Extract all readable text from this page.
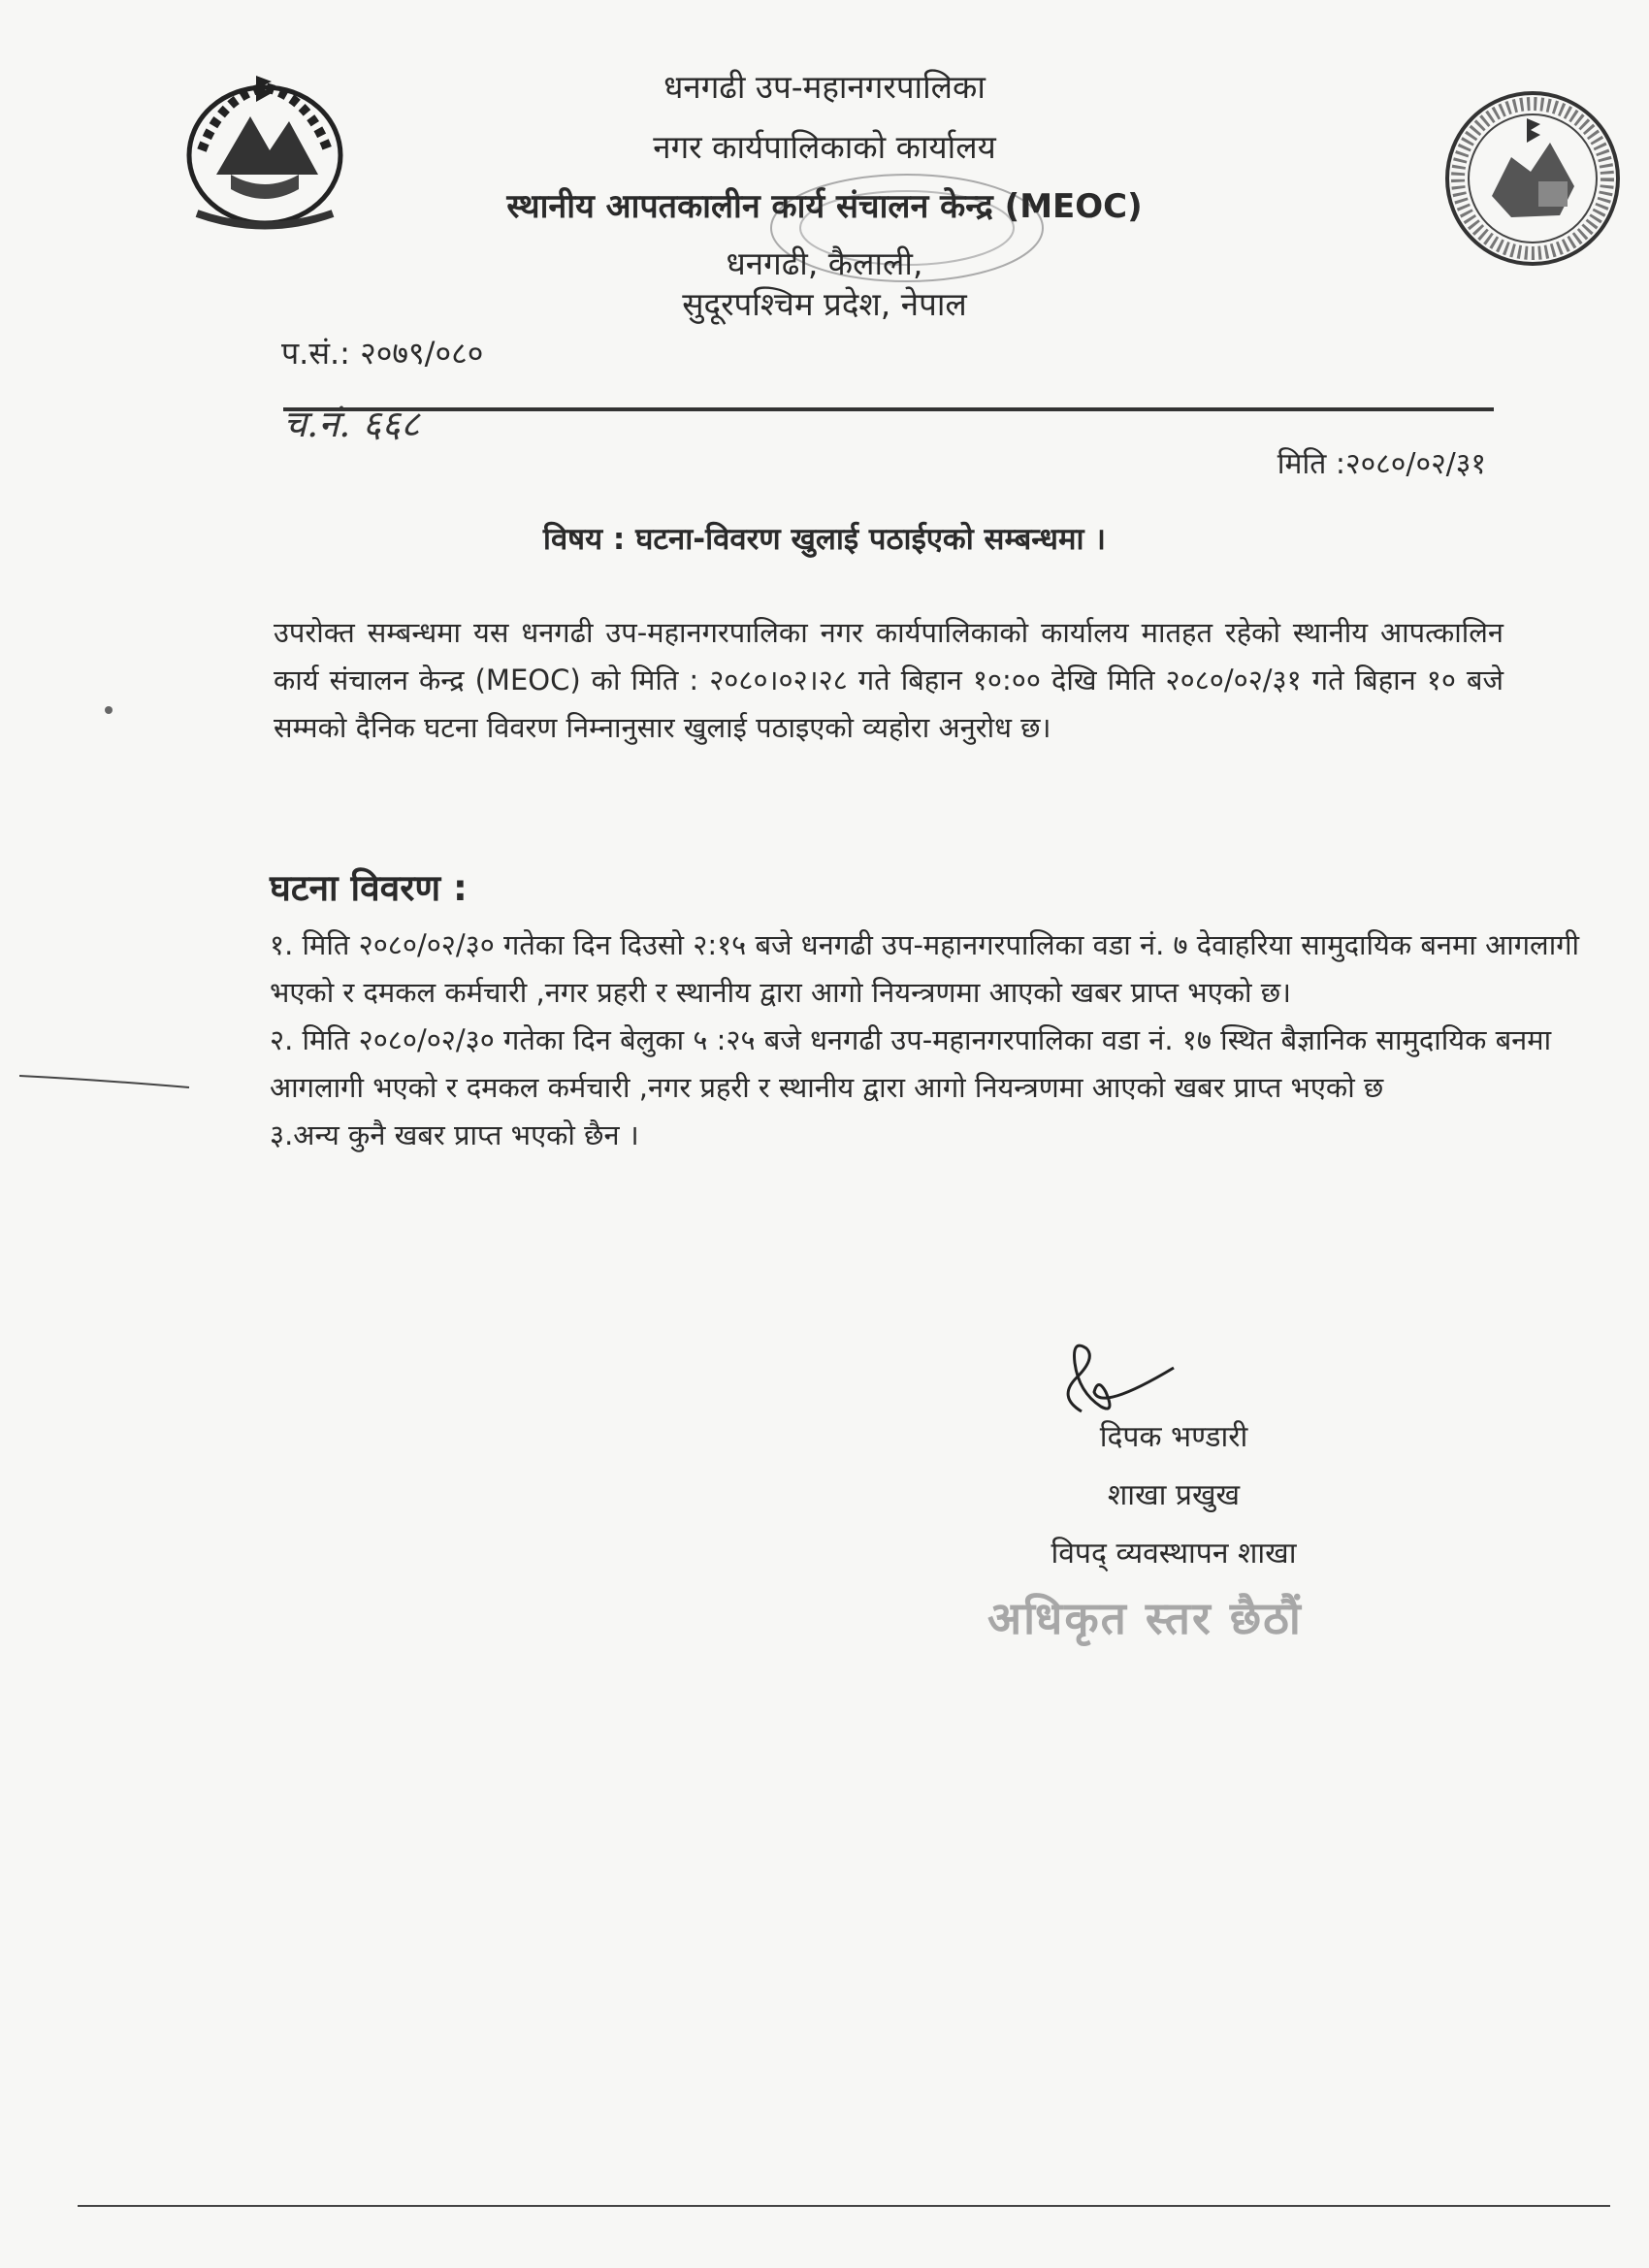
धनगढी उप-महानगरपालिका
नगर कार्यपालिकाको कार्यालय
स्थानीय आपतकालीन कार्य संचालन केन्द्र (MEOC)
धनगढी, कैलाली,
सुदूरपश्चिम प्रदेश, नेपाल
प.सं.: २०७९/०८०
च.नं. ६६८
मिति :२०८०/०२/३१
विषय : घटना-विवरण खुलाई पठाईएको सम्बन्धमा ।
उपरोक्त सम्बन्धमा यस धनगढी उप-महानगरपालिका नगर कार्यपालिकाको कार्यालय मातहत रहेको स्थानीय आपत्कालिन कार्य संचालन केन्द्र (MEOC) को मिति : २०८०।०२।२८ गते बिहान १०:०० देखि मिति २०८०/०२/३१ गते बिहान १० बजे सम्मको दैनिक घटना विवरण निम्नानुसार खुलाई पठाइएको व्यहोरा अनुरोध छ।
घटना विवरण :
१. मिति २०८०/०२/३० गतेका दिन दिउसो २:१५ बजे धनगढी उप-महानगरपालिका वडा नं. ७ देवाहरिया सामुदायिक बनमा आगलागी भएको र दमकल कर्मचारी ,नगर प्रहरी र स्थानीय द्वारा आगो नियन्त्रणमा आएको खबर प्राप्त भएको छ।
२. मिति २०८०/०२/३० गतेका दिन बेलुका ५ :२५ बजे धनगढी उप-महानगरपालिका वडा नं. १७ स्थित बैज्ञानिक सामुदायिक बनमा आगलागी भएको र दमकल कर्मचारी ,नगर प्रहरी र स्थानीय द्वारा आगो नियन्त्रणमा आएको खबर प्राप्त भएको छ
३.अन्य कुनै खबर प्राप्त भएको छैन ।
दिपक भण्डारी
शाखा प्रखुख
विपद् व्यवस्थापन शाखा
अधिकृत स्तर छैठौं
